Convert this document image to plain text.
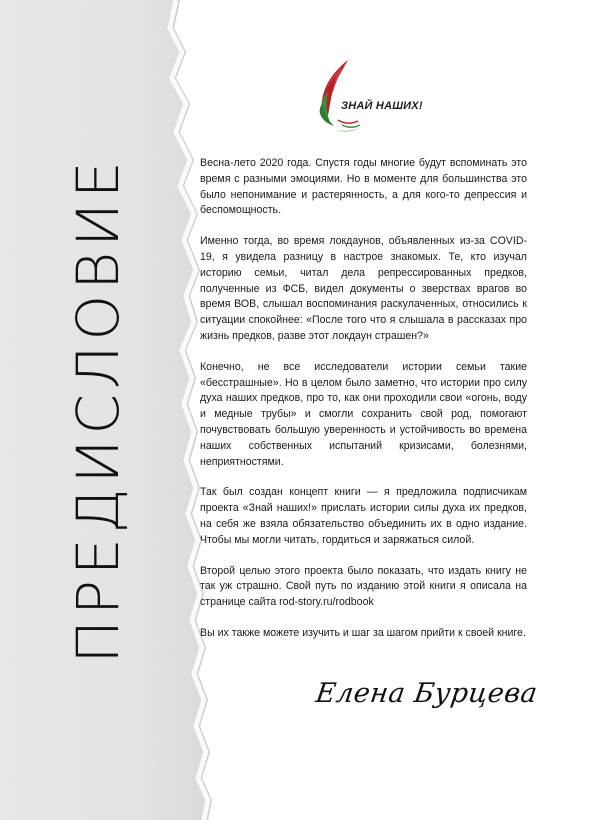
ПРЕДИСЛОВИЕ
ЗНАЙ НАШИХ!

Весна-лето 2020 года. Спустя годы многие будут вспоминать это время с разными эмоциями. Но в моменте для большинства это было непонимание и растерянность, а для кого-то депрессия и беспомощность.

Именно тогда, во время локдаунов, объявленных из-за COVID-19, я увидела разницу в настрое знакомых. Те, кто изучал историю семьи, читал дела репрессированных предков, полученные из ФСБ, видел документы о зверствах врагов во время ВОВ, слышал воспоминания раскулаченных, относились к ситуации спокойнее: «После того что я слышала в рассказах про жизнь предков, разве этот локдаун страшен?»

Конечно, не все исследователи истории семьи такие «бесстрашные». Но в целом было заметно, что истории про силу духа наших предков, про то, как они проходили свои «огонь, воду и медные трубы» и смогли сохранить свой род, помогают почувствовать большую уверенность и устойчивость во времена наших собственных испытаний кризисами, болезнями, неприятностями.

Так был создан концепт книги — я предложила подписчикам проекта «Знай наших!» прислать истории силы духа их предков, на себя же взяла обязательство объединить их в одно издание. Чтобы мы могли читать, гордиться и заряжаться силой.

Второй целью этого проекта было показать, что издать книгу не так уж страшно. Свой путь по изданию этой книги я описала на странице сайта rod-story.ru/rodbook

Вы их также можете изучить и шаг за шагом прийти к своей книге.

Елена Бурцева
